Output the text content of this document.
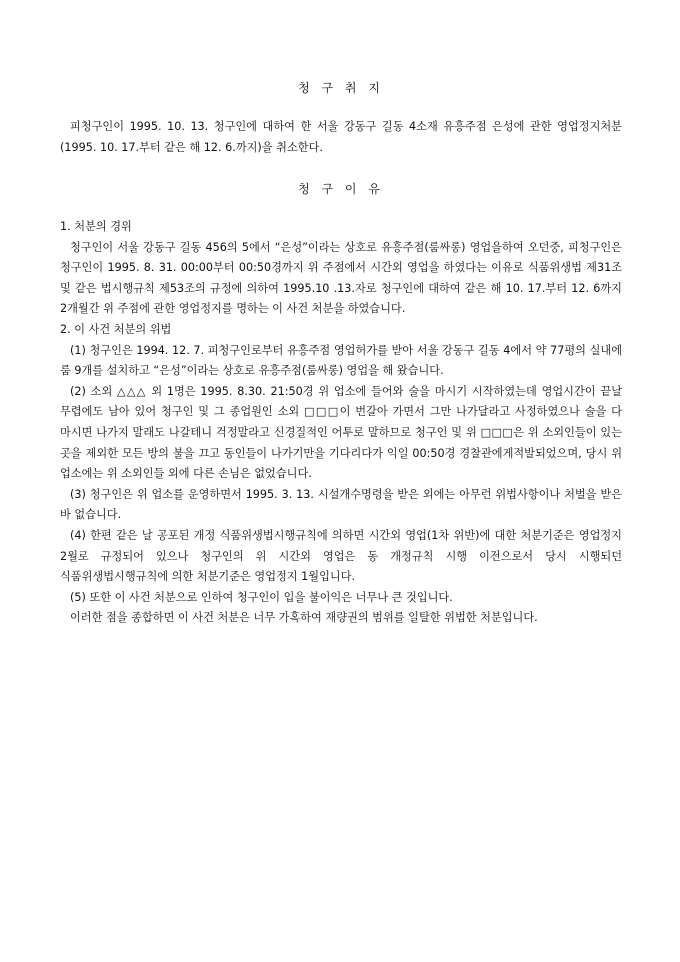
청 구 취 지

피청구인이 1995. 10. 13. 청구인에 대하여 한 서울 강동구 길동 4소재 유흥주점 은성에 관한 영업정지처분(1995. 10. 17.부터 같은 해 12. 6.까지)을 취소한다.

청 구 이 유

1. 처분의 경위

청구인이 서울 강동구 길동 456의 5에서 “은성”이라는 상호로 유흥주점(룸싸롱) 영업을하여 오던중, 피청구인은 청구인이 1995. 8. 31. 00:00부터 00:50경까지 위 주점에서 시간외 영업을 하였다는 이유로 식품위생법 제31조 및 같은 법시행규칙 제53조의 규정에 의하여 1995.10 .13.자로 청구인에 대하여 같은 해 10. 17.부터 12. 6까지 2개월간 위 주점에 관한 영업정지를 명하는 이 사건 처분을 하였습니다.

2. 이 사건 처분의 위법

(1) 청구인은 1994. 12. 7. 피청구인로부터 유흥주점 영업허가를 받아 서울 강동구 길동 4에서 약 77평의 실내에 룸 9개를 설치하고 “은성”이라는 상호로 유흥주점(룸싸롱) 영업을 해 왔습니다.

(2) 소외 △△△ 외 1명은 1995. 8.30. 21:50경 위 업소에 들어와 술을 마시기 시작하였는데 영업시간이 끝날 무렵에도 남아 있어 청구인 및 그 종업원인 소외 □□□이 번갈아 가면서 그만 나가달라고 사정하였으나 술을 다 마시면 나가지 말래도 나갈테니 걱정말라고 신경질적인 어투로 말하므로 청구인 및 위 □□□은 위 소외인들이 있는 곳을 제외한 모든 방의 불을 끄고 동인들이 나가기만을 기다리다가 익일 00:50경 경찰관에게적발되었으며, 당시 위 업소에는 위 소외인들 외에 다른 손님은 없었습니다.

(3) 청구인은 위 업소를 운영하면서 1995. 3. 13. 시설개수명령을 받은 외에는 아무런 위법사항이나 처벌을 받은 바 없습니다.

(4) 한편 같은 날 공포된 개정 식품위생법시행규칙에 의하면 시간외 영업(1차 위반)에 대한 처분기준은 영업정지 2월로 규정되어 있으나 청구인의 위 시간외 영업은 동 개정규칙 시행 이전으로서 당시 시행되던 식품위생법시행규칙에 의한 처분기준은 영업정지 1월입니다.

(5) 또한 이 사건 처분으로 인하여 청구인이 입을 불이익은 너무나 큰 것입니다.

이러한 점을 종합하면 이 사건 처분은 너무 가혹하여 재량권의 범위를 일탈한 위법한 처분입니다.
